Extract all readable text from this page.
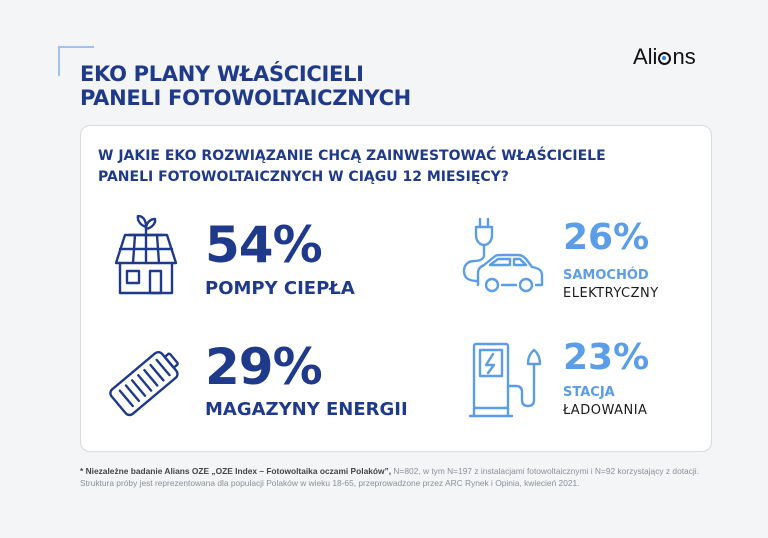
EKO PLANY WŁAŚCICIELI
PANELI FOTOWOLTAICZNYCH
Ali ns
W JAKIE EKO ROZWIĄZANIE CHCĄ ZAINWESTOWAĆ WŁAŚCICIELE
PANELI FOTOWOLTAICZNYCH W CIĄGU 12 MIESIĘCY?
54%
POMPY CIEPŁA
29%
MAGAZYNY ENERGII
26%
SAMOCHÓD
ELEKTRYCZNY
23%
STACJA
ŁADOWANIA

* Niezależne badanie Alians OZE „OZE Index – Fotowoltaika oczami Polaków”, N=802, w tym N=197 z instalacjami fotowoltaicznymi i N=92 korzystający z dotacji. Struktura próby jest reprezentowana dla populacji Polaków w wieku 18-65, przeprowadzone przez ARC Rynek i Opinia, kwiecień 2021.
